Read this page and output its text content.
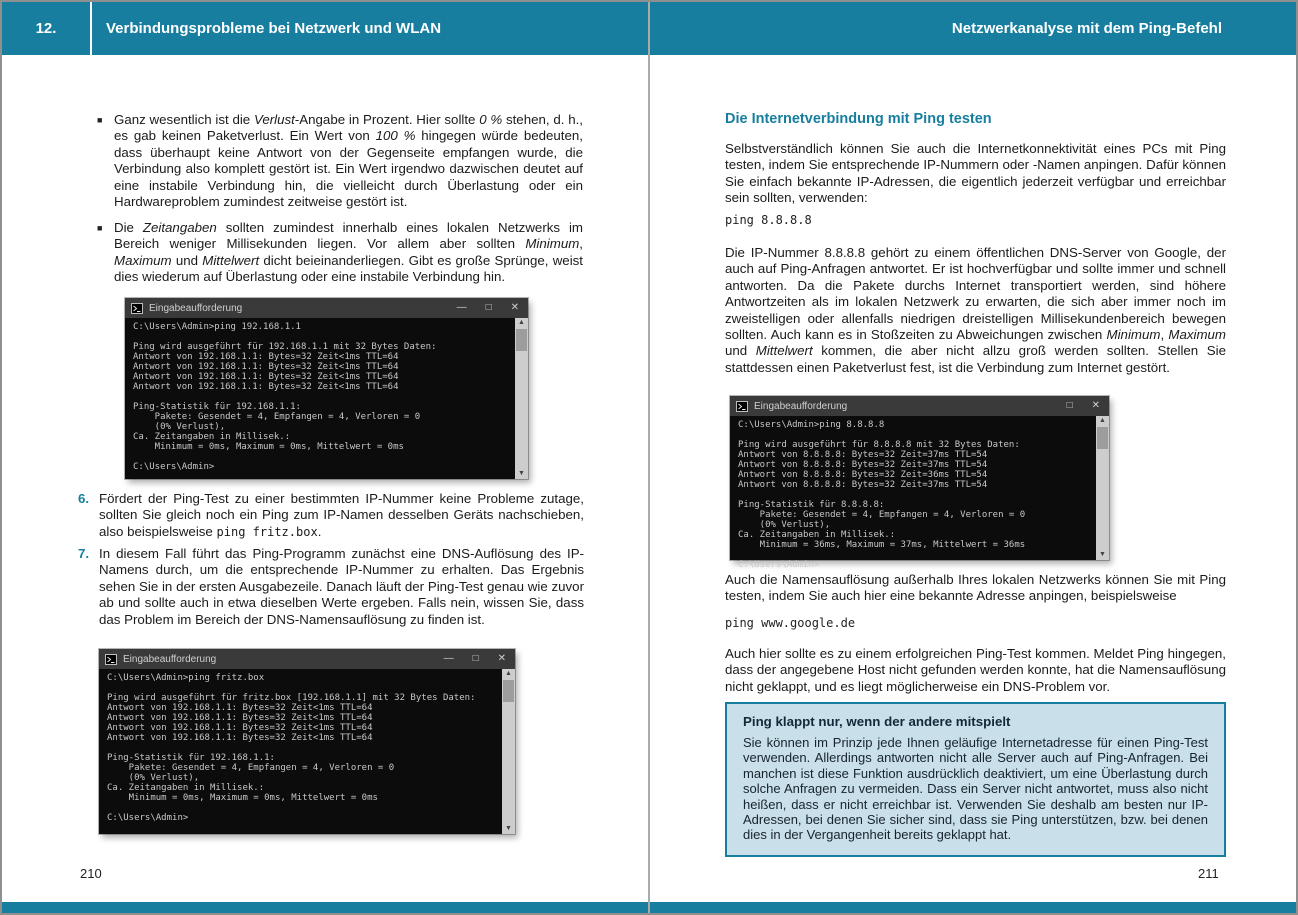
12.	Verbindungsprobleme bei Netzwerk und WLAN	Netzwerkanalyse mit dem Ping-Befehl
■ Ganz wesentlich ist die Verlust-Angabe in Prozent. Hier sollte 0 % stehen, d. h., es gab keinen Paketverlust. Ein Wert von 100 % hingegen würde bedeuten, dass überhaupt keine Antwort von der Gegenseite empfangen wurde, die Verbindung also komplett gestört ist. Ein Wert irgendwo dazwischen deutet auf eine instabile Verbindung hin, die vielleicht durch Überlastung oder ein Hardwareproblem zumindest zeitweise gestört ist.
■ Die Zeitangaben sollten zumindest innerhalb eines lokalen Netzwerks im Bereich weniger Millisekunden liegen. Vor allem aber sollten Minimum, Maximum und Mittelwert dicht beieinanderliegen. Gibt es große Sprünge, weist dies wiederum auf Überlastung oder eine instabile Verbindung hin.
Eingabeaufforderung	— □ ✕
C:\Users\Admin>ping 192.168.1.1
Ping wird ausgeführt für 192.168.1.1 mit 32 Bytes Daten:
Antwort von 192.168.1.1: Bytes=32 Zeit<1ms TTL=64
Antwort von 192.168.1.1: Bytes=32 Zeit<1ms TTL=64
Antwort von 192.168.1.1: Bytes=32 Zeit<1ms TTL=64
Antwort von 192.168.1.1: Bytes=32 Zeit<1ms TTL=64
Ping-Statistik für 192.168.1.1:
Pakete: Gesendet = 4, Empfangen = 4, Verloren = 0
(0% Verlust),
Ca. Zeitangaben in Millisek.:
Minimum = 0ms, Maximum = 0ms, Mittelwert = 0ms
C:\Users\Admin>
▲
▼
6. Fördert der Ping-Test zu einer bestimmten IP-Nummer keine Probleme zutage, sollten Sie gleich noch ein Ping zum IP-Namen desselben Geräts nachschieben, also beispielsweise ping fritz.box.
7. In diesem Fall führt das Ping-Programm zunächst eine DNS-Auflösung des IP-Namens durch, um die entsprechende IP-Nummer zu erhalten. Das Ergebnis sehen Sie in der ersten Ausgabezeile. Danach läuft der Ping-Test genau wie zuvor ab und sollte auch in etwa dieselben Werte ergeben. Falls nein, wissen Sie, dass das Problem im Bereich der DNS-Namensauflösung zu finden ist.
Eingabeaufforderung	— □ ✕
C:\Users\Admin>ping fritz.box
Ping wird ausgeführt für fritz.box [192.168.1.1] mit 32 Bytes Daten:
Antwort von 192.168.1.1: Bytes=32 Zeit<1ms TTL=64
Antwort von 192.168.1.1: Bytes=32 Zeit<1ms TTL=64
Antwort von 192.168.1.1: Bytes=32 Zeit<1ms TTL=64
Antwort von 192.168.1.1: Bytes=32 Zeit<1ms TTL=64
Ping-Statistik für 192.168.1.1:
Pakete: Gesendet = 4, Empfangen = 4, Verloren = 0
(0% Verlust),
Ca. Zeitangaben in Millisek.:
Minimum = 0ms, Maximum = 0ms, Mittelwert = 0ms
C:\Users\Admin>
▲
▼
210
Die Internetverbindung mit Ping testen
Selbstverständlich können Sie auch die Internetkonnektivität eines PCs mit Ping testen, indem Sie entsprechende IP-Nummern oder -Namen anpingen. Dafür können Sie einfach bekannte IP-Adressen, die eigentlich jederzeit verfügbar und erreichbar sein sollten, verwenden:
ping 8.8.8.8
Die IP-Nummer 8.8.8.8 gehört zu einem öffentlichen DNS-Server von Google, der auch auf Ping-Anfragen antwortet. Er ist hochverfügbar und sollte immer und schnell antworten. Da die Pakete durchs Internet transportiert werden, sind höhere Antwortzeiten als im lokalen Netzwerk zu erwarten, die sich aber immer noch im zweistelligen oder allenfalls niedrigen dreistelligen Millisekundenbereich bewegen sollten. Auch kann es in Stoßzeiten zu Abweichungen zwischen Minimum, Maximum und Mittelwert kommen, die aber nicht allzu groß werden sollten. Stellen Sie stattdessen einen Paketverlust fest, ist die Verbindung zum Internet gestört.
Eingabeaufforderung	□ ✕
C:\Users\Admin>ping 8.8.8.8
Ping wird ausgeführt für 8.8.8.8 mit 32 Bytes Daten:
Antwort von 8.8.8.8: Bytes=32 Zeit=37ms TTL=54
Antwort von 8.8.8.8: Bytes=32 Zeit=37ms TTL=54
Antwort von 8.8.8.8: Bytes=32 Zeit=36ms TTL=54
Antwort von 8.8.8.8: Bytes=32 Zeit=37ms TTL=54
Ping-Statistik für 8.8.8.8:
Pakete: Gesendet = 4, Empfangen = 4, Verloren = 0
(0% Verlust),
Ca. Zeitangaben in Millisek.:
Minimum = 36ms, Maximum = 37ms, Mittelwert = 36ms
C:\Users\Admin>
▲
▼
Auch die Namensauflösung außerhalb Ihres lokalen Netzwerks können Sie mit Ping testen, indem Sie auch hier eine bekannte Adresse anpingen, beispielsweise
ping www.google.de
Auch hier sollte es zu einem erfolgreichen Ping-Test kommen. Meldet Ping hingegen, dass der angegebene Host nicht gefunden werden konnte, hat die Namensauflösung nicht geklappt, und es liegt möglicherweise ein DNS-Problem vor.
Ping klappt nur, wenn der andere mitspielt
Sie können im Prinzip jede Ihnen geläufige Internetadresse für einen Ping-Test verwenden. Allerdings antworten nicht alle Server auch auf Ping-Anfragen. Bei manchen ist diese Funktion ausdrücklich deaktiviert, um eine Überlastung durch solche Anfragen zu vermeiden. Dass ein Server nicht antwortet, muss also nicht heißen, dass er nicht erreichbar ist. Verwenden Sie deshalb am besten nur IP-Adressen, bei denen Sie sicher sind, dass sie Ping unterstützen, bzw. bei denen dies in der Vergangenheit bereits geklappt hat.
211
